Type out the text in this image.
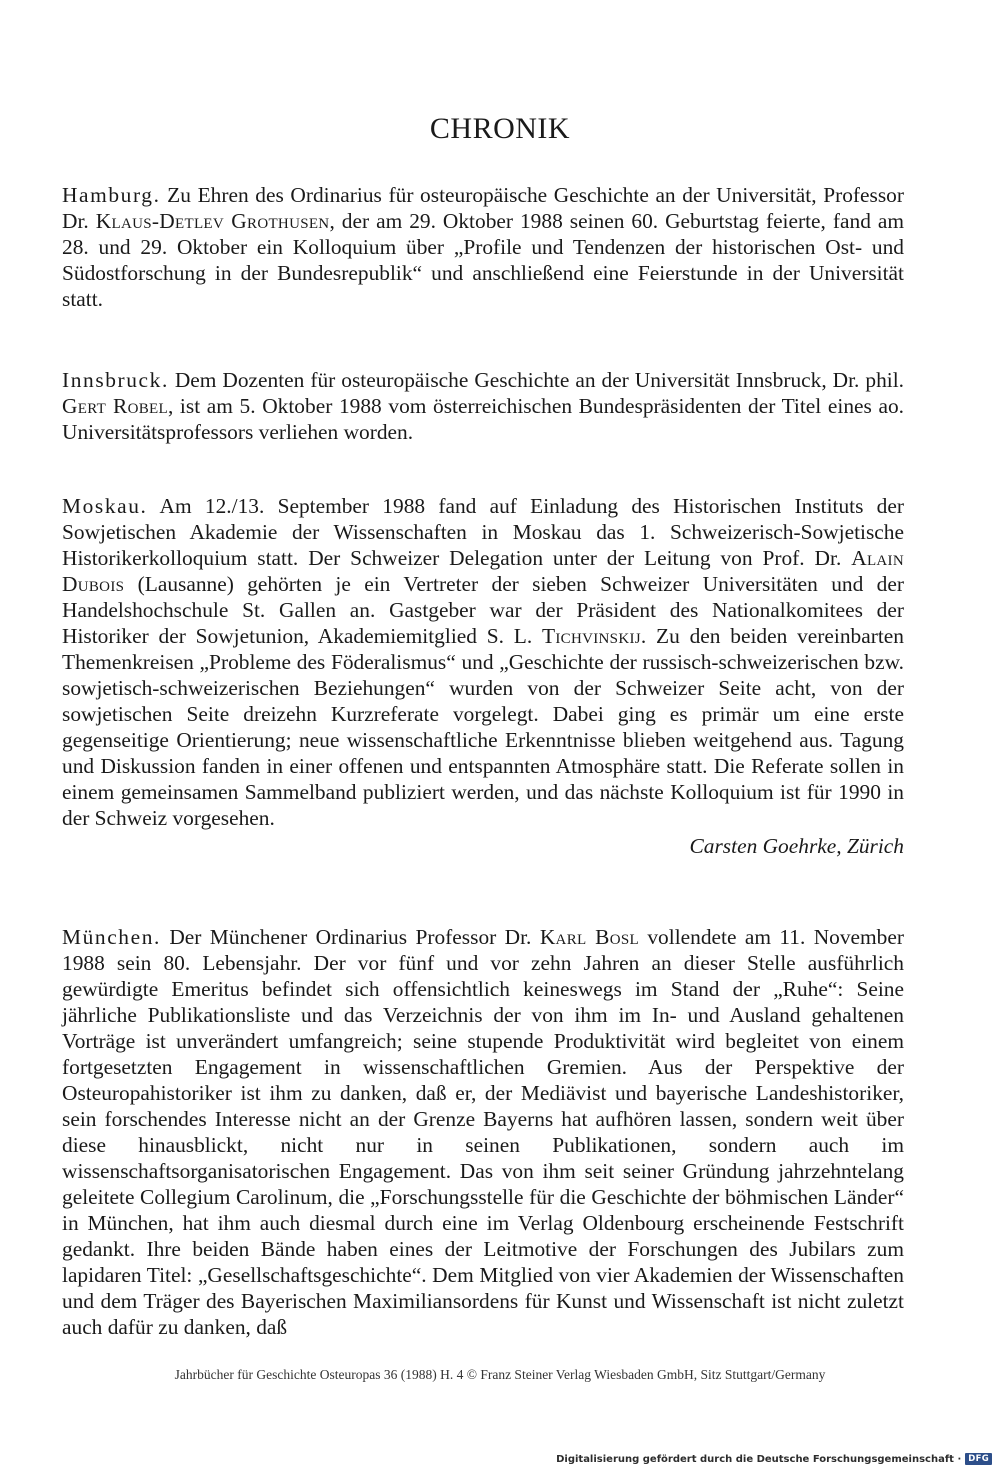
CHRONIK

Hamburg. Zu Ehren des Ordinarius für osteuropäische Geschichte an der Universität, Professor Dr. Klaus-Detlev Grothusen, der am 29. Oktober 1988 seinen 60. Geburtstag feierte, fand am 28. und 29. Oktober ein Kolloquium über „Profile und Tendenzen der historischen Ost- und Südostforschung in der Bundesrepublik“ und anschließend eine Feierstunde in der Universität statt.

Innsbruck. Dem Dozenten für osteuropäische Geschichte an der Universität Innsbruck, Dr. phil. Gert Robel, ist am 5. Oktober 1988 vom österreichischen Bundespräsidenten der Titel eines ao. Universitätsprofessors verliehen worden.

Moskau. Am 12./13. September 1988 fand auf Einladung des Historischen Instituts der Sowjetischen Akademie der Wissenschaften in Moskau das 1. Schweizerisch-Sowjetische Historikerkolloquium statt. Der Schweizer Delegation unter der Leitung von Prof. Dr. Alain Dubois (Lausanne) gehörten je ein Vertreter der sieben Schweizer Universitäten und der Handelshochschule St. Gallen an. Gastgeber war der Präsident des Nationalkomitees der Historiker der Sowjetunion, Akademiemitglied S. L. Tichvinskij. Zu den beiden vereinbarten Themenkreisen „Probleme des Föderalismus“ und „Geschichte der russisch-schweizerischen bzw. sowjetisch-schweizerischen Beziehungen“ wurden von der Schweizer Seite acht, von der sowjetischen Seite dreizehn Kurzreferate vorgelegt. Dabei ging es primär um eine erste gegenseitige Orientierung; neue wissenschaftliche Erkenntnisse blieben weitgehend aus. Tagung und Diskussion fanden in einer offenen und entspannten Atmosphäre statt. Die Referate sollen in einem gemeinsamen Sammelband publiziert werden, und das nächste Kolloquium ist für 1990 in der Schweiz vorgesehen.

Carsten Goehrke, Zürich

München. Der Münchener Ordinarius Professor Dr. Karl Bosl vollendete am 11. November 1988 sein 80. Lebensjahr. Der vor fünf und vor zehn Jahren an dieser Stelle ausführlich gewürdigte Emeritus befindet sich offensichtlich keineswegs im Stand der „Ruhe“: Seine jährliche Publikationsliste und das Verzeichnis der von ihm im In- und Ausland gehaltenen Vorträge ist unverändert umfangreich; seine stupende Produktivität wird begleitet von einem fortgesetzten Engagement in wissenschaftlichen Gremien. Aus der Perspektive der Osteuropahistoriker ist ihm zu danken, daß er, der Mediävist und bayerische Landeshistoriker, sein forschendes Interesse nicht an der Grenze Bayerns hat aufhören lassen, sondern weit über diese hinausblickt, nicht nur in seinen Publikationen, sondern auch im wissenschaftsorganisatorischen Engagement. Das von ihm seit seiner Gründung jahrzehntelang geleitete Collegium Carolinum, die „Forschungsstelle für die Geschichte der böhmischen Länder“ in München, hat ihm auch diesmal durch eine im Verlag Oldenbourg erscheinende Festschrift gedankt. Ihre beiden Bände haben eines der Leitmotive der Forschungen des Jubilars zum lapidaren Titel: „Gesellschaftsgeschichte“. Dem Mitglied von vier Akademien der Wissenschaften und dem Träger des Bayerischen Maximiliansordens für Kunst und Wissenschaft ist nicht zuletzt auch dafür zu danken, daß

Jahrbücher für Geschichte Osteuropas 36 (1988) H. 4 © Franz Steiner Verlag Wiesbaden GmbH, Sitz Stuttgart/Germany
Digitalisierung gefördert durch die Deutsche Forschungsgemeinschaft · DFG
